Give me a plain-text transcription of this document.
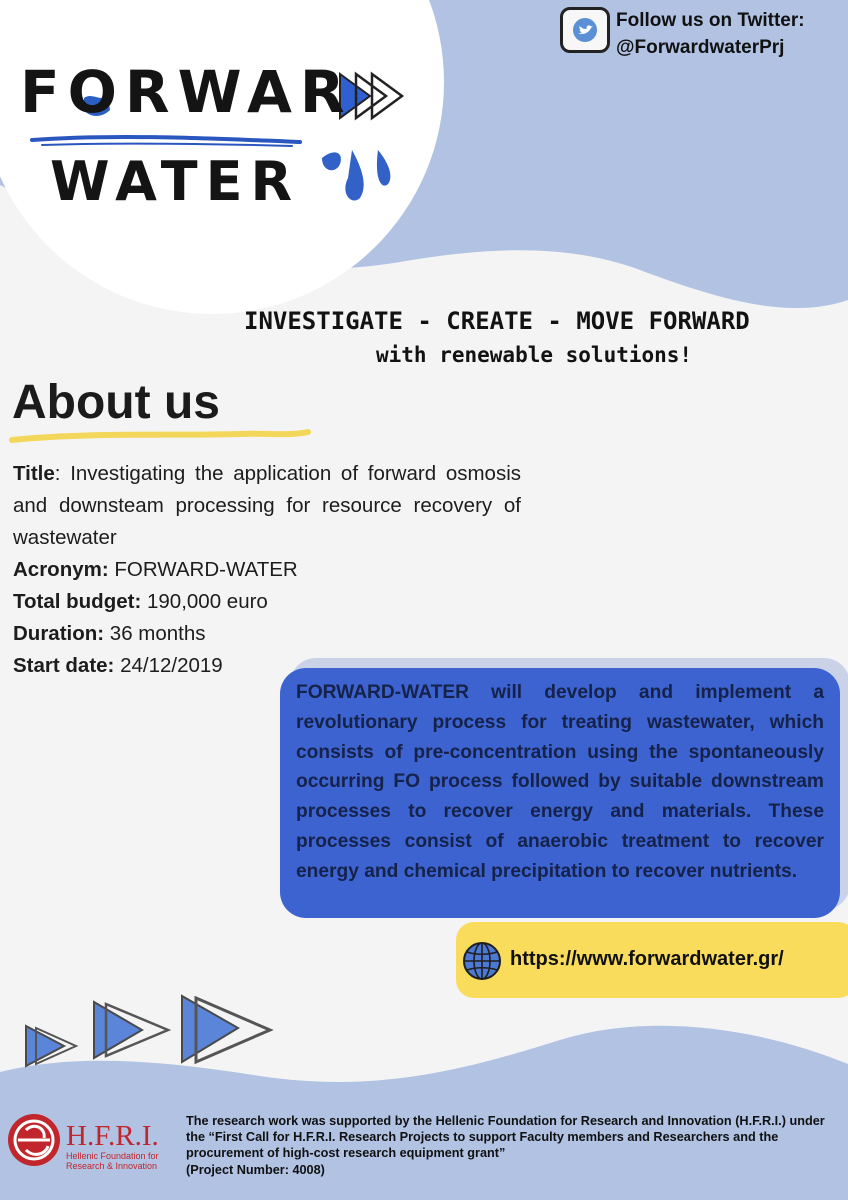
FORWAR
WATER
Follow us on Twitter:
@ForwardwaterPrj
INVESTIGATE - CREATE - MOVE FORWARD
with renewable solutions!
About us

Title: Investigating the application of forward osmosis and downsteam processing for resource recovery of wastewater

Acronym: FORWARD-WATER

Total budget: 190,000 euro

Duration: 36 months

Start date: 24/12/2019

FORWARD-WATER will develop and implement a revolutionary process for treating wastewater, which consists of pre-concentration using the spontaneously occurring FO process followed by suitable downstream processes to recover energy and materials. These processes consist of anaerobic treatment to recover energy and chemical precipitation to recover nutrients.

https://www.forwardwater.gr/
H.F.R.I.
Hellenic Foundation for
Research & Innovation

The research work was supported by the Hellenic Foundation for Research and Innovation (H.F.R.I.) under the “First Call for H.F.R.I. Research Projects to support Faculty members and Researchers and the procurement of high-cost research equipment grant”

(Project Number: 4008)
